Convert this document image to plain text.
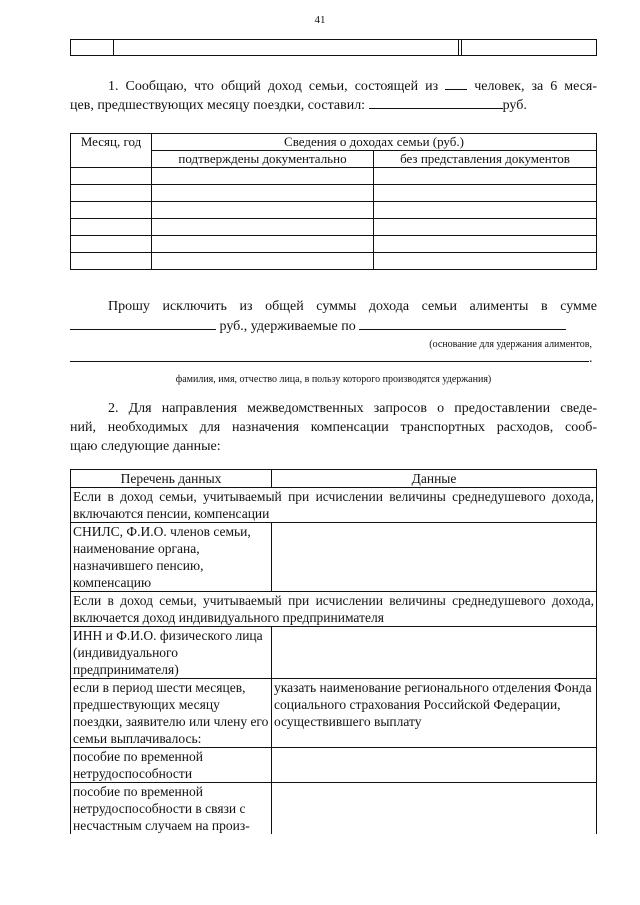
41

1. Сообщаю, что общий доход семьи, состоящей из	человек, за 6 меся-
цев, предшествующих месяцу поездки, составил:	руб.
Месяц, год	Сведения о доходах семьи (руб.)	
	подтверждены документально	без представления документов

Прошу исключить из общей суммы дохода семьи алименты в сумме
руб., удерживаемые по
(основание для удержания алиментов,
.
фамилия, имя, отчество лица, в пользу которого производятся удержания)
2. Для направления межведомственных запросов о предоставлении сведе-
ний, необходимых для назначения компенсации транспортных расходов, сооб-
щаю следующие данные:
Перечень данных	Данные
Если в доход семьи, учитываемый при исчислении величины среднедушевого дохода, включаются пенсии, компенсации	
СНИЛС, Ф.И.О. членов семьи, наименование органа, назначившего пенсию, компенсацию	
Если в доход семьи, учитываемый при исчислении величины среднедушевого дохода, включается доход индивидуального предпринимателя	
ИНН и Ф.И.О. физического лица (индивидуального предпринимателя)	
если в период шести месяцев, предшествующих месяцу поездки, заявителю или члену его семьи выплачивалось:	указать наименование регионального отделения Фонда социального страхования Российской Федерации, осуществившего выплату
пособие по временной нетрудоспособности	
пособие по временной нетрудоспособности в связи с несчастным случаем на произ-	
